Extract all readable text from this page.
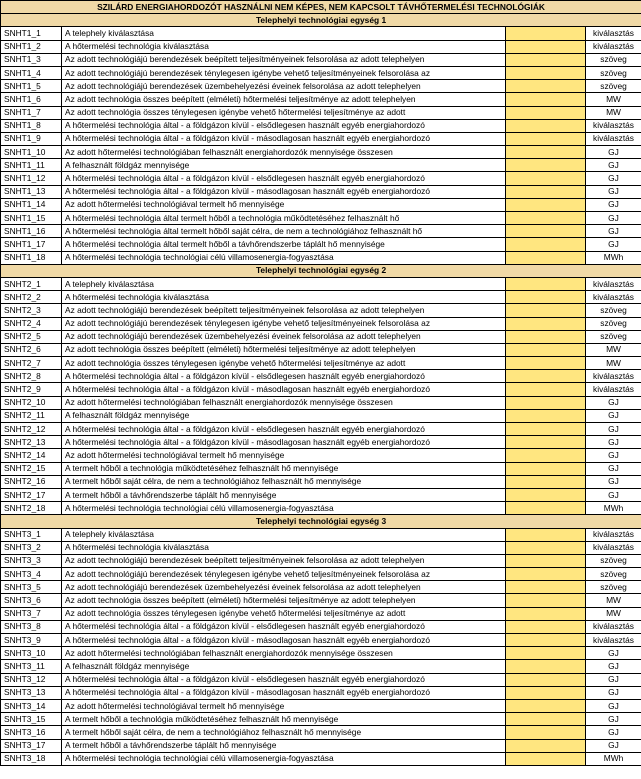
SZILÁRD ENERGIAHORDOZÓT HASZNÁLNI NEM KÉPES, NEM KAPCSOLT TÁVHŐTERMELÉSI TECHNOLÓGIÁK			
Telephelyi technológiai egység 1			
SNHT1_1	A telephely kiválasztása		kiválasztás
SNHT1_2	A hőtermelési technológia kiválasztása		kiválasztás
SNHT1_3	Az adott technológiájú berendezések beépített teljesítményeinek felsorolása az adott telephelyen		szöveg
SNHT1_4	Az adott technológiájú berendezések ténylegesen igénybe vehető teljesítményeinek felsorolása az		szöveg
SNHT1_5	Az adott technológiájú berendezések üzembehelyezési éveinek felsorolása az adott telephelyen		szöveg
SNHT1_6	Az adott technológia összes beépített (elméleti) hőtermelési teljesítménye az adott telephelyen		MW
SNHT1_7	Az adott technológia összes ténylegesen igénybe vehető hőtermelési teljesítménye az adott		MW
SNHT1_8	A hőtermelési technológia által - a földgázon kívül - elsődlegesen használt egyéb energiahordozó		kiválasztás
SNHT1_9	A hőtermelési technológia által - a földgázon kívül - másodlagosan használt egyéb energiahordozó		kiválasztás
SNHT1_10	Az adott hőtermelési technológiában felhasznált energiahordozók mennyisége összesen		GJ
SNHT1_11	A felhasznált földgáz mennyisége		GJ
SNHT1_12	A hőtermelési technológia által - a földgázon kívül - elsődlegesen használt egyéb energiahordozó		GJ
SNHT1_13	A hőtermelési technológia által - a földgázon kívül - másodlagosan használt egyéb energiahordozó		GJ
SNHT1_14	Az adott hőtermelési technológiával termelt hő mennyisége		GJ
SNHT1_15	A hőtermelési technológia által termelt hőből a technológia működtetéséhez felhasznált hő		GJ
SNHT1_16	A hőtermelési technológia által termelt hőből saját célra, de nem a technológiához felhasznált hő		GJ
SNHT1_17	A hőtermelési technológia által termelt hőből a távhőrendszerbe táplált hő mennyisége		GJ
SNHT1_18	A hőtermelési technológia technológiai célú villamosenergia-fogyasztása		MWh
Telephelyi technológiai egység 2			
SNHT2_1	A telephely kiválasztása		kiválasztás
SNHT2_2	A hőtermelési technológia kiválasztása		kiválasztás
SNHT2_3	Az adott technológiájú berendezések beépített teljesítményeinek felsorolása az adott telephelyen		szöveg
SNHT2_4	Az adott technológiájú berendezések ténylegesen igénybe vehető teljesítményeinek felsorolása az		szöveg
SNHT2_5	Az adott technológiájú berendezések üzembehelyezési éveinek felsorolása az adott telephelyen		szöveg
SNHT2_6	Az adott technológia összes beépített (elméleti) hőtermelési teljesítménye az adott telephelyen		MW
SNHT2_7	Az adott technológia összes ténylegesen igénybe vehető hőtermelési teljesítménye az adott		MW
SNHT2_8	A hőtermelési technológia által - a földgázon kívül - elsődlegesen használt egyéb energiahordozó		kiválasztás
SNHT2_9	A hőtermelési technológia által - a földgázon kívül - másodlagosan használt egyéb energiahordozó		kiválasztás
SNHT2_10	Az adott hőtermelési technológiában felhasznált energiahordozók mennyisége összesen		GJ
SNHT2_11	A felhasznált földgáz mennyisége		GJ
SNHT2_12	A hőtermelési technológia által - a földgázon kívül - elsődlegesen használt egyéb energiahordozó		GJ
SNHT2_13	A hőtermelési technológia által - a földgázon kívül - másodlagosan használt egyéb energiahordozó		GJ
SNHT2_14	Az adott hőtermelési technológiával termelt hő mennyisége		GJ
SNHT2_15	A termelt hőből a technológia működtetéséhez felhasznált hő mennyisége		GJ
SNHT2_16	A termelt hőből saját célra, de nem a technológiához felhasznált hő mennyisége		GJ
SNHT2_17	A termelt hőből a távhőrendszerbe táplált hő mennyisége		GJ
SNHT2_18	A hőtermelési technológia technológiai célú villamosenergia-fogyasztása		MWh
Telephelyi technológiai egység 3			
SNHT3_1	A telephely kiválasztása		kiválasztás
SNHT3_2	A hőtermelési technológia kiválasztása		kiválasztás
SNHT3_3	Az adott technológiájú berendezések beépített teljesítményeinek felsorolása az adott telephelyen		szöveg
SNHT3_4	Az adott technológiájú berendezések ténylegesen igénybe vehető teljesítményeinek felsorolása az		szöveg
SNHT3_5	Az adott technológiájú berendezések üzembehelyezési éveinek felsorolása az adott telephelyen		szöveg
SNHT3_6	Az adott technológia összes beépített (elméleti) hőtermelési teljesítménye az adott telephelyen		MW
SNHT3_7	Az adott technológia összes ténylegesen igénybe vehető hőtermelési teljesítménye az adott		MW
SNHT3_8	A hőtermelési technológia által - a földgázon kívül - elsődlegesen használt egyéb energiahordozó		kiválasztás
SNHT3_9	A hőtermelési technológia által - a földgázon kívül - másodlagosan használt egyéb energiahordozó		kiválasztás
SNHT3_10	Az adott hőtermelési technológiában felhasznált energiahordozók mennyisége összesen		GJ
SNHT3_11	A felhasznált földgáz mennyisége		GJ
SNHT3_12	A hőtermelési technológia által - a földgázon kívül - elsődlegesen használt egyéb energiahordozó		GJ
SNHT3_13	A hőtermelési technológia által - a földgázon kívül - másodlagosan használt egyéb energiahordozó		GJ
SNHT3_14	Az adott hőtermelési technológiával termelt hő mennyisége		GJ
SNHT3_15	A termelt hőből a technológia működtetéséhez felhasznált hő mennyisége		GJ
SNHT3_16	A termelt hőből saját célra, de nem a technológiához felhasznált hő mennyisége		GJ
SNHT3_17	A termelt hőből a távhőrendszerbe táplált hő mennyisége		GJ
SNHT3_18	A hőtermelési technológia technológiai célú villamosenergia-fogyasztása		MWh
